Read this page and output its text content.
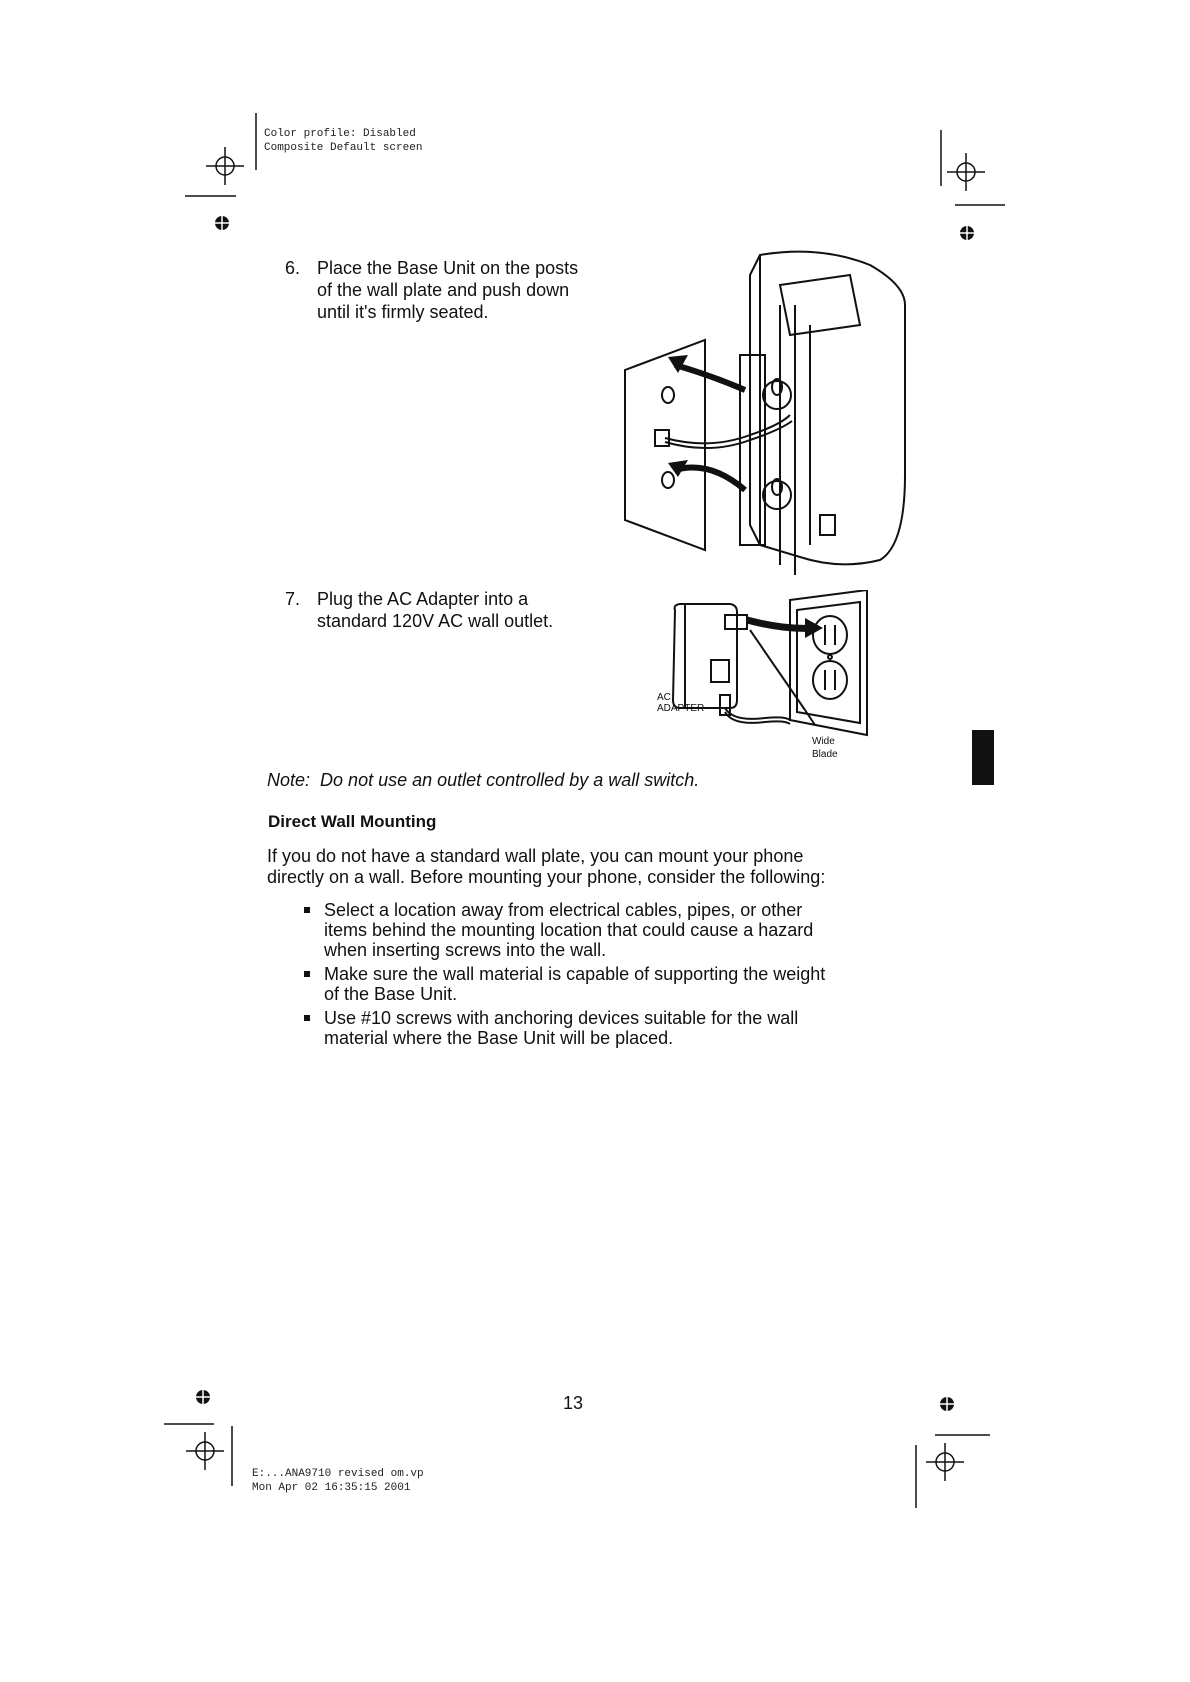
Color profile: Disabled
Composite Default screen
6. Place the Base Unit on the posts
of the wall plate and push down
until it's firmly seated.
7. Plug the AC Adapter into a
standard 120V AC wall outlet.
AC
ADAPTER
Wide
Blade
Note: Do not use an outlet controlled by a wall switch.
Direct Wall Mounting
If you do not have a standard wall plate, you can mount your phone
directly on a wall. Before mounting your phone, consider the following:
Select a location away from electrical cables, pipes, or other
items behind the mounting location that could cause a hazard
when inserting screws into the wall.
Make sure the wall material is capable of supporting the weight
of the Base Unit.
Use #10 screws with anchoring devices suitable for the wall
material where the Base Unit will be placed.
13
E:...ANA9710 revised om.vp
Mon Apr 02 16:35:15 2001
